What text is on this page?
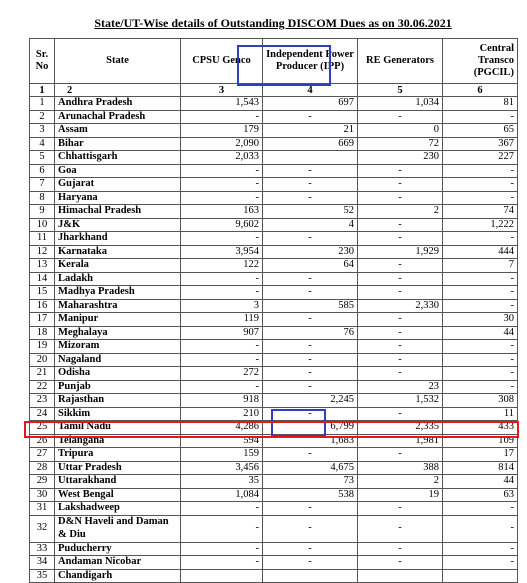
State/UT-Wise details of Outstanding DISCOM Dues as on 30.06.2021
Sr. No	State	CPSU Genco	Independent Power Producer (IPP)	RE Generators	Central Transco (PGCIL)
1	2	3	4	5	6
1	Andhra Pradesh	1,543	697	1,034	81
2	Arunachal Pradesh	-	-	-	-
3	Assam	179	21	0	65
4	Bihar	2,090	669	72	367
5	Chhattisgarh	2,033		230	227
6	Goa	-	-	-	-
7	Gujarat	-	-	-	-
8	Haryana	-	-	-	-
9	Himachal Pradesh	163	52	2	74
10	J&K	9,602	4	-	1,222
11	Jharkhand	-	-	-	-
12	Karnataka	3,954	230	1,929	444
13	Kerala	122	64	-	7
14	Ladakh	-	-	-	-
15	Madhya Pradesh	-	-	-	-
16	Maharashtra	3	585	2,330	-
17	Manipur	119	-	-	30
18	Meghalaya	907	76	-	44
19	Mizoram	-	-	-	-
20	Nagaland	-	-	-	-
21	Odisha	272	-	-	-
22	Punjab	-	-	23	-
23	Rajasthan	918	2,245	1,532	308
24	Sikkim	210	-	-	11
25	Tamil Nadu	4,286	6,799	2,335	433
26	Telangana	594	1,683	1,981	109
27	Tripura	159	-	-	17
28	Uttar Pradesh	3,456	4,675	388	814
29	Uttarakhand	35	73	2	44
30	West Bengal	1,084	538	19	63
31	Lakshadweep	-	-	-	-
32	D&N Haveli and Daman & Diu	-	-	-	-
33	Puducherry	-	-	-	-
34	Andaman Nicobar	-	-	-	-
35	Chandigarh				
